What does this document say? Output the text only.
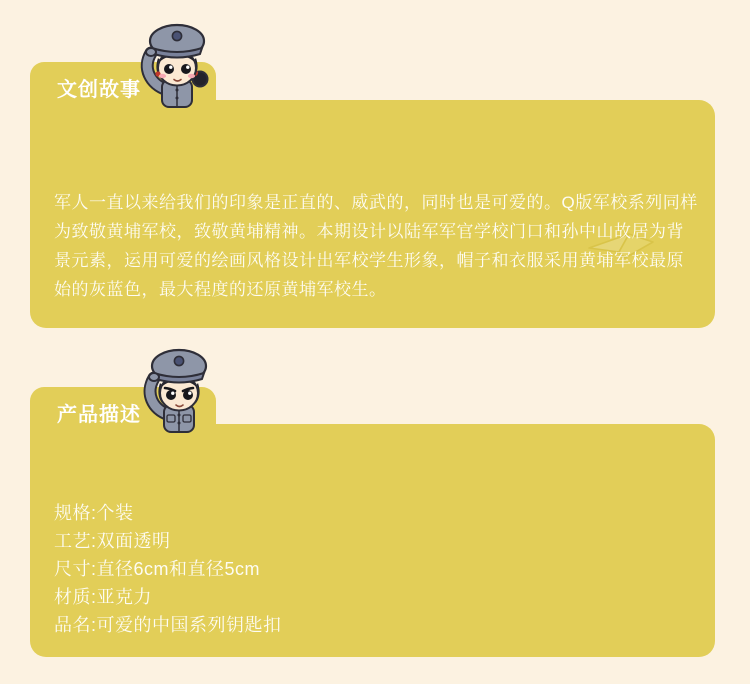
军人一直以来给我们的印象是正直的、威武的，同时也是可爱的。Q版军校系列同样
为致敬黄埔军校，致敬黄埔精神。本期设计以陆军军官学校门口和孙中山故居为背
景元素，运用可爱的绘画风格设计出军校学生形象，帽子和衣服采用黄埔军校最原
始的灰蓝色，最大程度的还原黄埔军校生。
文创故事
规格:个装
工艺:双面透明
尺寸:直径6cm和直径5cm
材质:亚克力
品名:可爱的中国系列钥匙扣
产品描述
